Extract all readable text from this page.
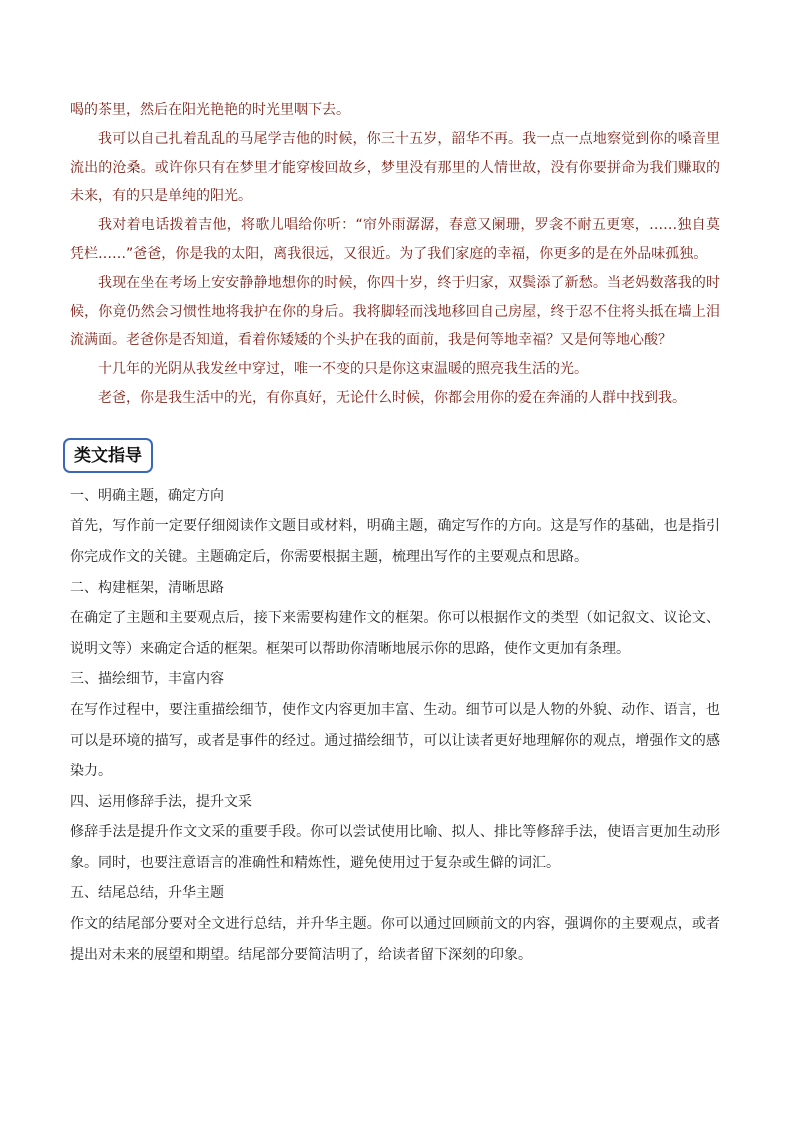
喝的茶里，然后在阳光艳艳的时光里咽下去。

我可以自己扎着乱乱的马尾学吉他的时候，你三十五岁，韶华不再。我一点一点地察觉到你的嗓音里流出的沧桑。或许你只有在梦里才能穿梭回故乡，梦里没有那里的人情世故，没有你要拼命为我们赚取的未来，有的只是单纯的阳光。

我对着电话拨着吉他，将歌儿唱给你听：“帘外雨潺潺，春意又阑珊，罗衾不耐五更寒，……独自莫凭栏……”爸爸，你是我的太阳，离我很远，又很近。为了我们家庭的幸福，你更多的是在外品味孤独。

我现在坐在考场上安安静静地想你的时候，你四十岁，终于归家，双鬓添了新愁。当老妈数落我的时候，你竟仍然会习惯性地将我护在你的身后。我将脚轻而浅地移回自己房屋，终于忍不住将头抵在墙上泪流满面。老爸你是否知道，看着你矮矮的个头护在我的面前，我是何等地幸福？又是何等地心酸？

十几年的光阴从我发丝中穿过，唯一不变的只是你这束温暖的照亮我生活的光。

老爸，你是我生活中的光，有你真好，无论什么时候，你都会用你的爱在奔涌的人群中找到我。

类文指导

一、明确主题，确定方向

首先，写作前一定要仔细阅读作文题目或材料，明确主题，确定写作的方向。这是写作的基础，也是指引你完成作文的关键。主题确定后，你需要根据主题，梳理出写作的主要观点和思路。

二、构建框架，清晰思路

在确定了主题和主要观点后，接下来需要构建作文的框架。你可以根据作文的类型（如记叙文、议论文、说明文等）来确定合适的框架。框架可以帮助你清晰地展示你的思路，使作文更加有条理。

三、描绘细节，丰富内容

在写作过程中，要注重描绘细节，使作文内容更加丰富、生动。细节可以是人物的外貌、动作、语言，也可以是环境的描写，或者是事件的经过。通过描绘细节，可以让读者更好地理解你的观点，增强作文的感染力。

四、运用修辞手法，提升文采

修辞手法是提升作文文采的重要手段。你可以尝试使用比喻、拟人、排比等修辞手法，使语言更加生动形象。同时，也要注意语言的准确性和精炼性，避免使用过于复杂或生僻的词汇。

五、结尾总结，升华主题

作文的结尾部分要对全文进行总结，并升华主题。你可以通过回顾前文的内容，强调你的主要观点，或者提出对未来的展望和期望。结尾部分要简洁明了，给读者留下深刻的印象。
